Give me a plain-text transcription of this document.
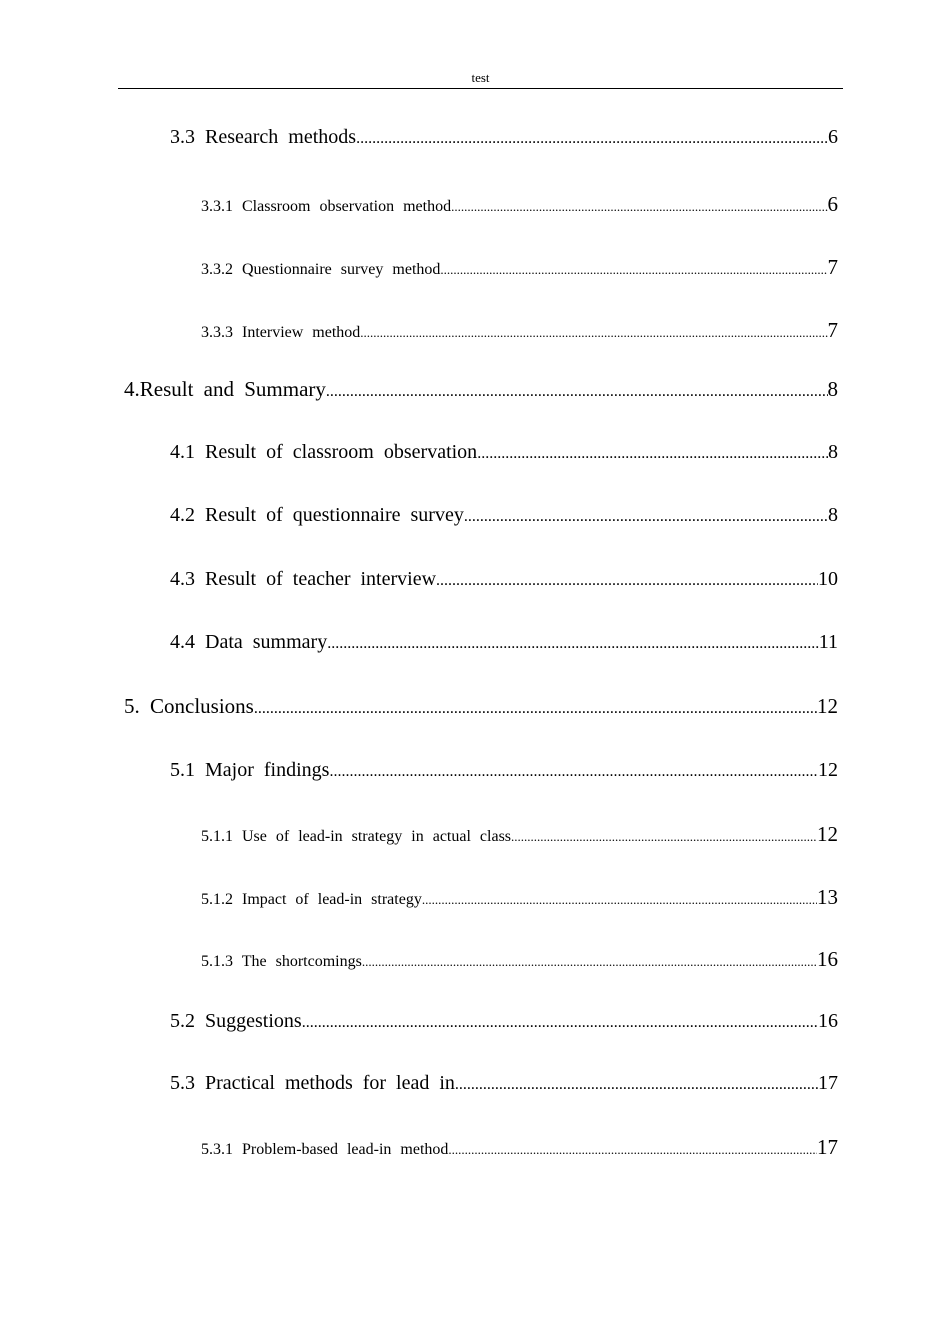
test
3.3 Research methods .....	6
3.3.1 Classroom observation method .....	6
3.3.2 Questionnaire survey method .....	7
3.3.3 Interview method .....	7
4.Result and Summary .....	8
4.1 Result of classroom observation .....	8
4.2 Result of questionnaire survey .....	8
4.3 Result of teacher interview .....	10
4.4 Data summary .....	11
5. Conclusions .....	12
5.1 Major findings .....	12
5.1.1 Use of lead-in strategy in actual class .....	12
5.1.2 Impact of lead-in strategy .....	13
5.1.3 The shortcomings .....	16
5.2 Suggestions .....	16
5.3 Practical methods for lead in .....	17
5.3.1 Problem-based lead-in method .....	17
